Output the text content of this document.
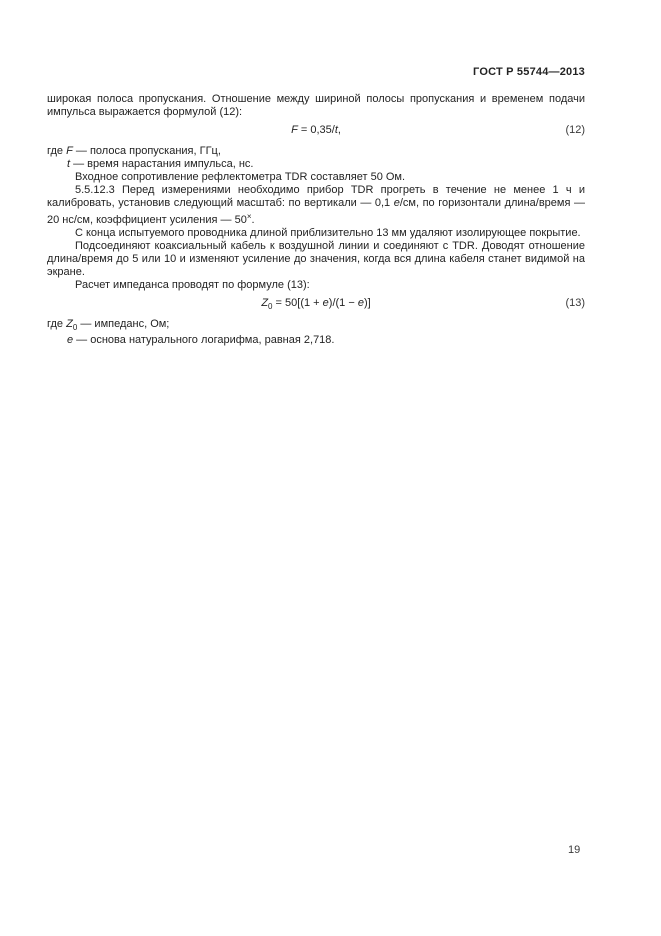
ГОСТ Р 55744—2013

широкая полоса пропускания. Отношение между шириной полосы пропускания и временем подачи импульса выражается формулой (12):

F = 0,35/t,	(12)
где F — полоса пропускания, ГГц,
t — время нарастания импульса, нс.

Входное сопротивление рефлектометра TDR составляет 50 Ом.

5.5.12.3 Перед измерениями необходимо прибор TDR прогреть в течение не менее 1 ч и калибровать, установив следующий масштаб: по вертикали — 0,1 е/см, по горизонтали длина/время — 20 нс/см, коэффициент усиления — 50×.

С конца испытуемого проводника длиной приблизительно 13 мм удаляют изолирующее покрытие.

Подсоединяют коаксиальный кабель к воздушной линии и соединяют с TDR. Доводят отношение длина/время до 5 или 10 и изменяют усиление до значения, когда вся длина кабеля станет видимой на экране.

Расчет импеданса проводят по формуле (13):

$Z_0 = 50[(1 + e)/(1 - e)]$	(13)
где $Z_0$ — импеданс, Ом;
е — основа натурального логарифма, равная 2,718.
19
